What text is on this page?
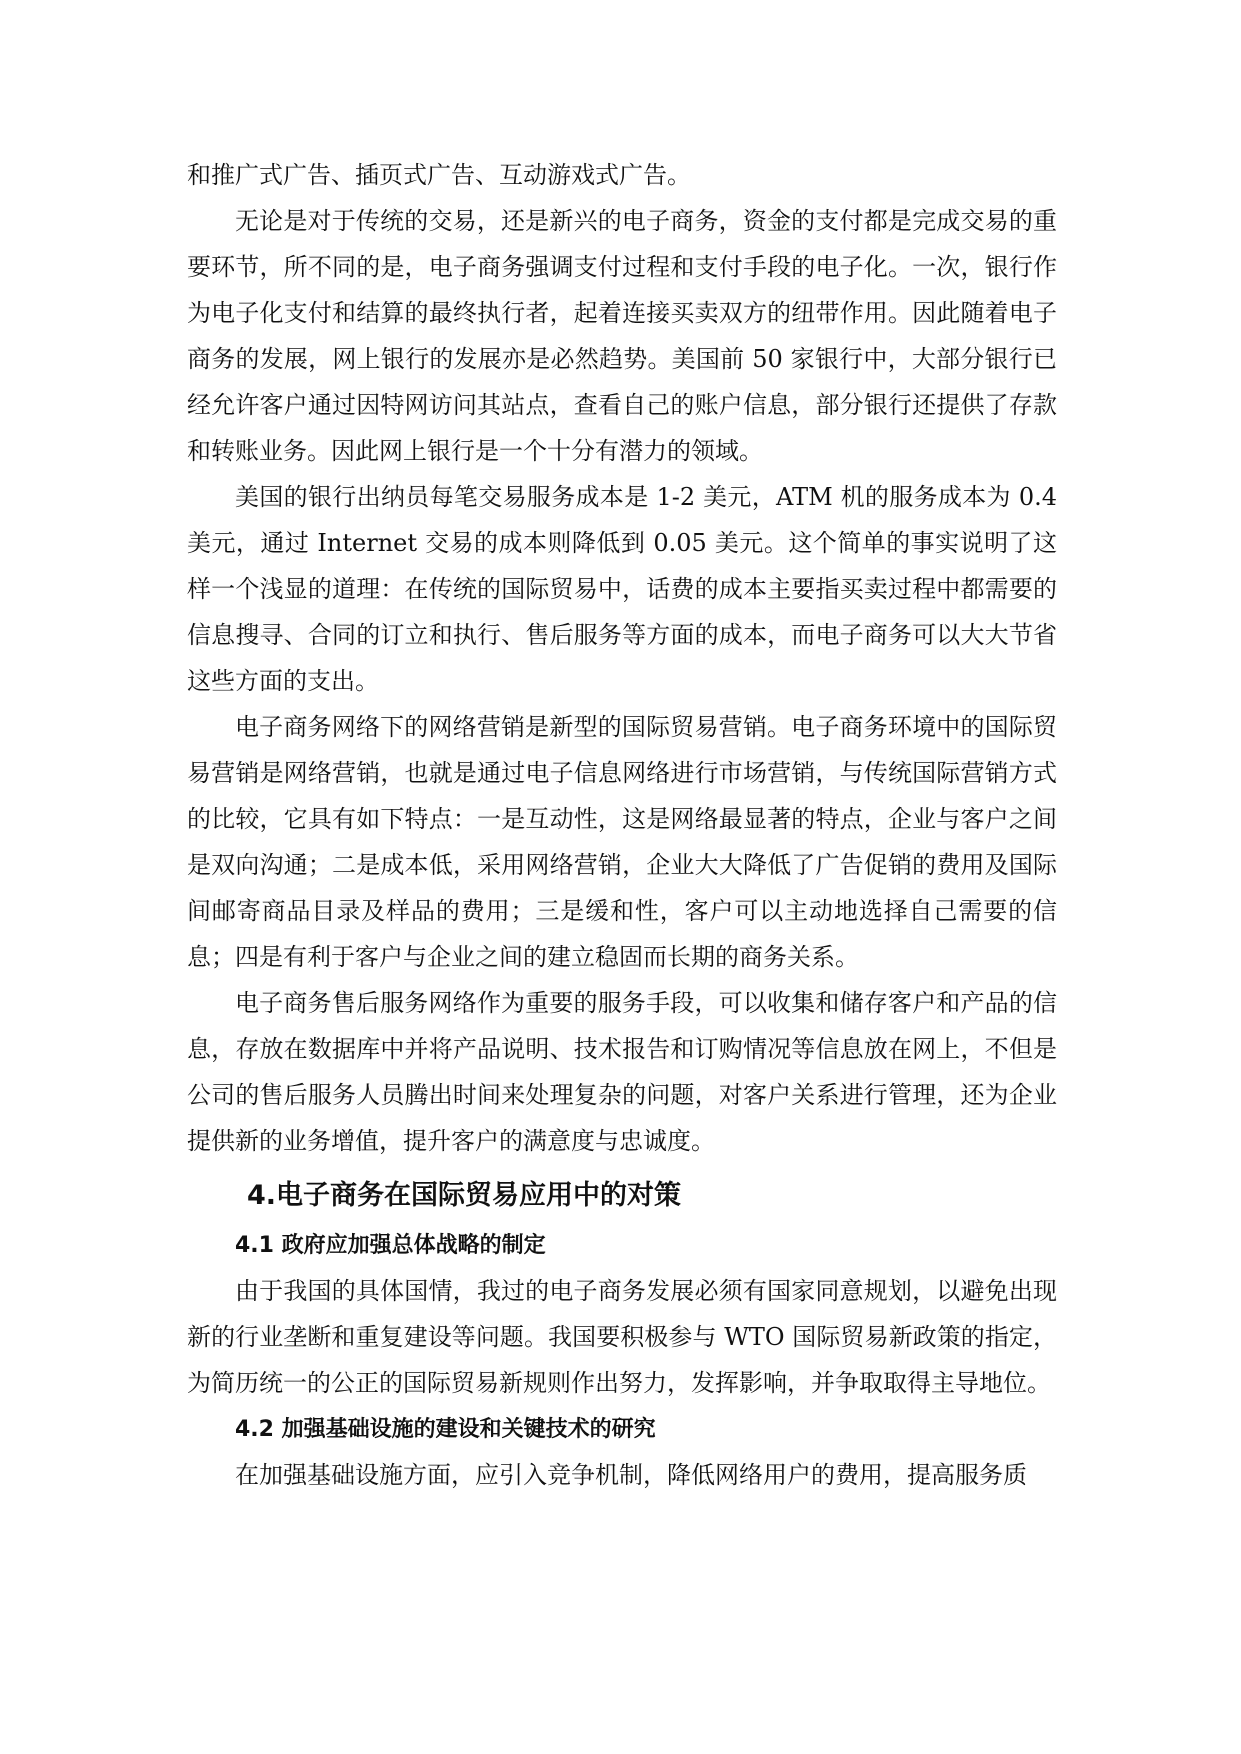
和推广式广告、插页式广告、互动游戏式广告。

无论是对于传统的交易，还是新兴的电子商务，资金的支付都是完成交易的重要环节，所不同的是，电子商务强调支付过程和支付手段的电子化。一次，银行作为电子化支付和结算的最终执行者，起着连接买卖双方的纽带作用。因此随着电子商务的发展，网上银行的发展亦是必然趋势。美国前 50 家银行中，大部分银行已经允许客户通过因特网访问其站点，查看自己的账户信息，部分银行还提供了存款和转账业务。因此网上银行是一个十分有潜力的领域。

美国的银行出纳员每笔交易服务成本是 1-2 美元，ATM 机的服务成本为 0.4 美元，通过 Internet 交易的成本则降低到 0.05 美元。这个简单的事实说明了这样一个浅显的道理：在传统的国际贸易中，话费的成本主要指买卖过程中都需要的信息搜寻、合同的订立和执行、售后服务等方面的成本，而电子商务可以大大节省这些方面的支出。

电子商务网络下的网络营销是新型的国际贸易营销。电子商务环境中的国际贸易营销是网络营销，也就是通过电子信息网络进行市场营销，与传统国际营销方式的比较，它具有如下特点：一是互动性，这是网络最显著的特点，企业与客户之间是双向沟通；二是成本低，采用网络营销，企业大大降低了广告促销的费用及国际间邮寄商品目录及样品的费用；三是缓和性，客户可以主动地选择自己需要的信息；四是有利于客户与企业之间的建立稳固而长期的商务关系。

电子商务售后服务网络作为重要的服务手段，可以收集和储存客户和产品的信息，存放在数据库中并将产品说明、技术报告和订购情况等信息放在网上，不但是公司的售后服务人员腾出时间来处理复杂的问题，对客户关系进行管理，还为企业提供新的业务增值，提升客户的满意度与忠诚度。

4.电子商务在国际贸易应用中的对策
4.1 政府应加强总体战略的制定

由于我国的具体国情，我过的电子商务发展必须有国家同意规划，以避免出现新的行业垄断和重复建设等问题。我国要积极参与 WTO 国际贸易新政策的指定，为简历统一的公正的国际贸易新规则作出努力，发挥影响，并争取取得主导地位。

4.2 加强基础设施的建设和关键技术的研究

在加强基础设施方面，应引入竞争机制，降低网络用户的费用，提高服务质
